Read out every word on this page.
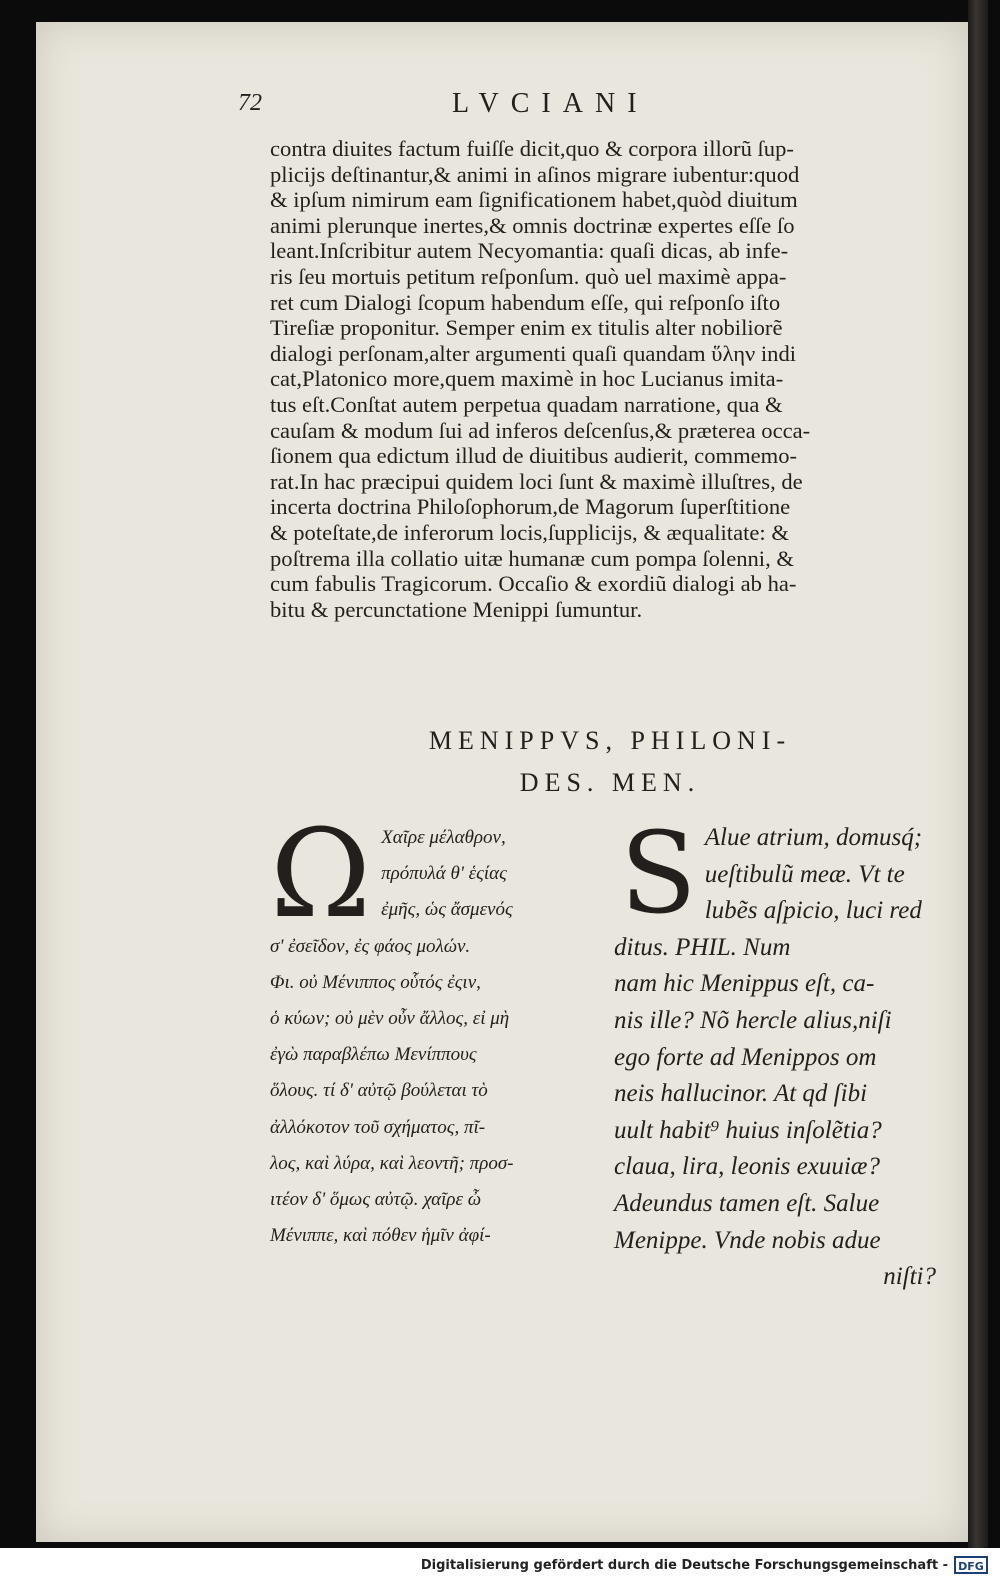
72	LVCIANI
contra diuites factum fuiſſe dicit,quo & corpora illorũ ſup-
plicijs deſtinantur,& animi in aſinos migrare iubentur:quod
& ipſum nimirum eam ſignificationem habet,quòd diuitum
animi plerunque inertes,& omnis doctrinæ expertes eſſe ſo
leant.Inſcribitur autem Necyomantia: quaſi dicas, ab infe-
ris ſeu mortuis petitum reſponſum. quò uel maximè appa-
ret cum Dialogi ſcopum habendum eſſe, qui reſponſo iſto
Tireſiæ proponitur. Semper enim ex titulis alter nobiliorẽ
dialogi perſonam,alter argumenti quaſi quandam ὕλην indi
cat,Platonico more,quem maximè in hoc Lucianus imita-
tus eſt.Conſtat autem perpetua quadam narratione, qua &
cauſam & modum ſui ad inferos deſcenſus,& præterea occa-
ſionem qua edictum illud de diuitibus audierit, commemo-
rat.In hac præcipui quidem loci ſunt & maximè illuſtres, de
incerta doctrina Philoſophorum,de Magorum ſuperſtitione
& poteſtate,de inferorum locis,ſupplicijs, & æqualitate: &
poſtrema illa collatio uitæ humanæ cum pompa ſolenni, &
cum fabulis Tragicorum. Occaſio & exordiũ dialogi ab ha-
bitu & percunctatione Menippi ſumuntur.
MENIPPVS, PHILONI-
DES. MEN.
Ω Χαῖρε μέλαθρον,
πρόπυλά θ' ἑςίας
ἐμῆς, ὡς ἄσμενός
σ' ἐσεῖδον, ἐς φάος μολών.
Φι. οὐ Μένιππος οὗτός ἐςιν,
ὁ κύων; οὐ μὲν οὖν ἄλλος, εἰ μὴ
ἐγὼ παραβλέπω Μενίππους
ὅλους. τί δ' αὐτῷ βούλεται τὸ
ἀλλόκοτον τοῦ σχήματος, πῖ-
λος, καὶ λύρα, καὶ λεοντῆ; πρoσ-
ιτέον δ' ὅμως αὐτῷ. χαῖρε ὦ
Μένιππε, καὶ πόθεν ἡμῖν ἀφί-
S Alue atrium, domusq́;
ueſtibulũ meæ. Vt te
lubẽs aſpicio, luci red
ditus. PHIL. Num
nam hic Menippus eſt, ca-
nis ille? Nõ hercle alius,niſi
ego forte ad Menippos om
neis hallucinor. At qd ſibi
uult habit⁹ huius inſolẽtia?
claua, lira, leonis exuuiæ?
Adeundus tamen eſt. Salue
Menippe. Vnde nobis adue
niſti?
Digitalisierung gefördert durch die Deutsche Forschungsgemeinschaft - DFG
